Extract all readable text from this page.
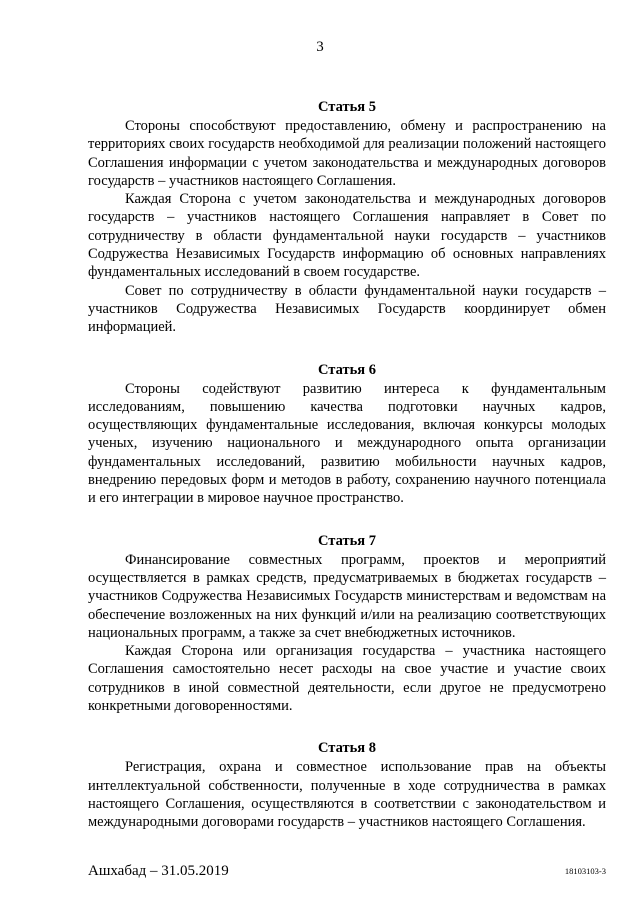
3
Статья 5

Стороны способствуют предоставлению, обмену и распространению на территориях своих государств необходимой для реализации положений настоящего Соглашения информации с учетом законодательства и международных договоров государств – участников настоящего Соглашения.

Каждая Сторона с учетом законодательства и международных договоров государств – участников настоящего Соглашения направляет в Совет по сотрудничеству в области фундаментальной науки государств – участников Содружества Независимых Государств информацию об основных направлениях фундаментальных исследований в своем государстве.

Совет по сотрудничеству в области фундаментальной науки государств – участников Содружества Независимых Государств координирует обмен информацией.

Статья 6

Стороны содействуют развитию интереса к фундаментальным исследованиям, повышению качества подготовки научных кадров, осуществляющих фундаментальные исследования, включая конкурсы молодых ученых, изучению национального и международного опыта организации фундаментальных исследований, развитию мобильности научных кадров, внедрению передовых форм и методов в работу, сохранению научного потенциала и его интеграции в мировое научное пространство.

Статья 7

Финансирование совместных программ, проектов и мероприятий осуществляется в рамках средств, предусматриваемых в бюджетах государств – участников Содружества Независимых Государств министерствам и ведомствам на обеспечение возложенных на них функций и/или на реализацию соответствующих национальных программ, а также за счет внебюджетных источников.

Каждая Сторона или организация государства – участника настоящего Соглашения самостоятельно несет расходы на свое участие и участие своих сотрудников в иной совместной деятельности, если другое не предусмотрено конкретными договоренностями.

Статья 8

Регистрация, охрана и совместное использование прав на объекты интеллектуальной собственности, полученные в ходе сотрудничества в рамках настоящего Соглашения, осуществляются в соответствии с законодательством и международными договорами государств – участников настоящего Соглашения.

Ашхабад – 31.05.2019	18103103-3
